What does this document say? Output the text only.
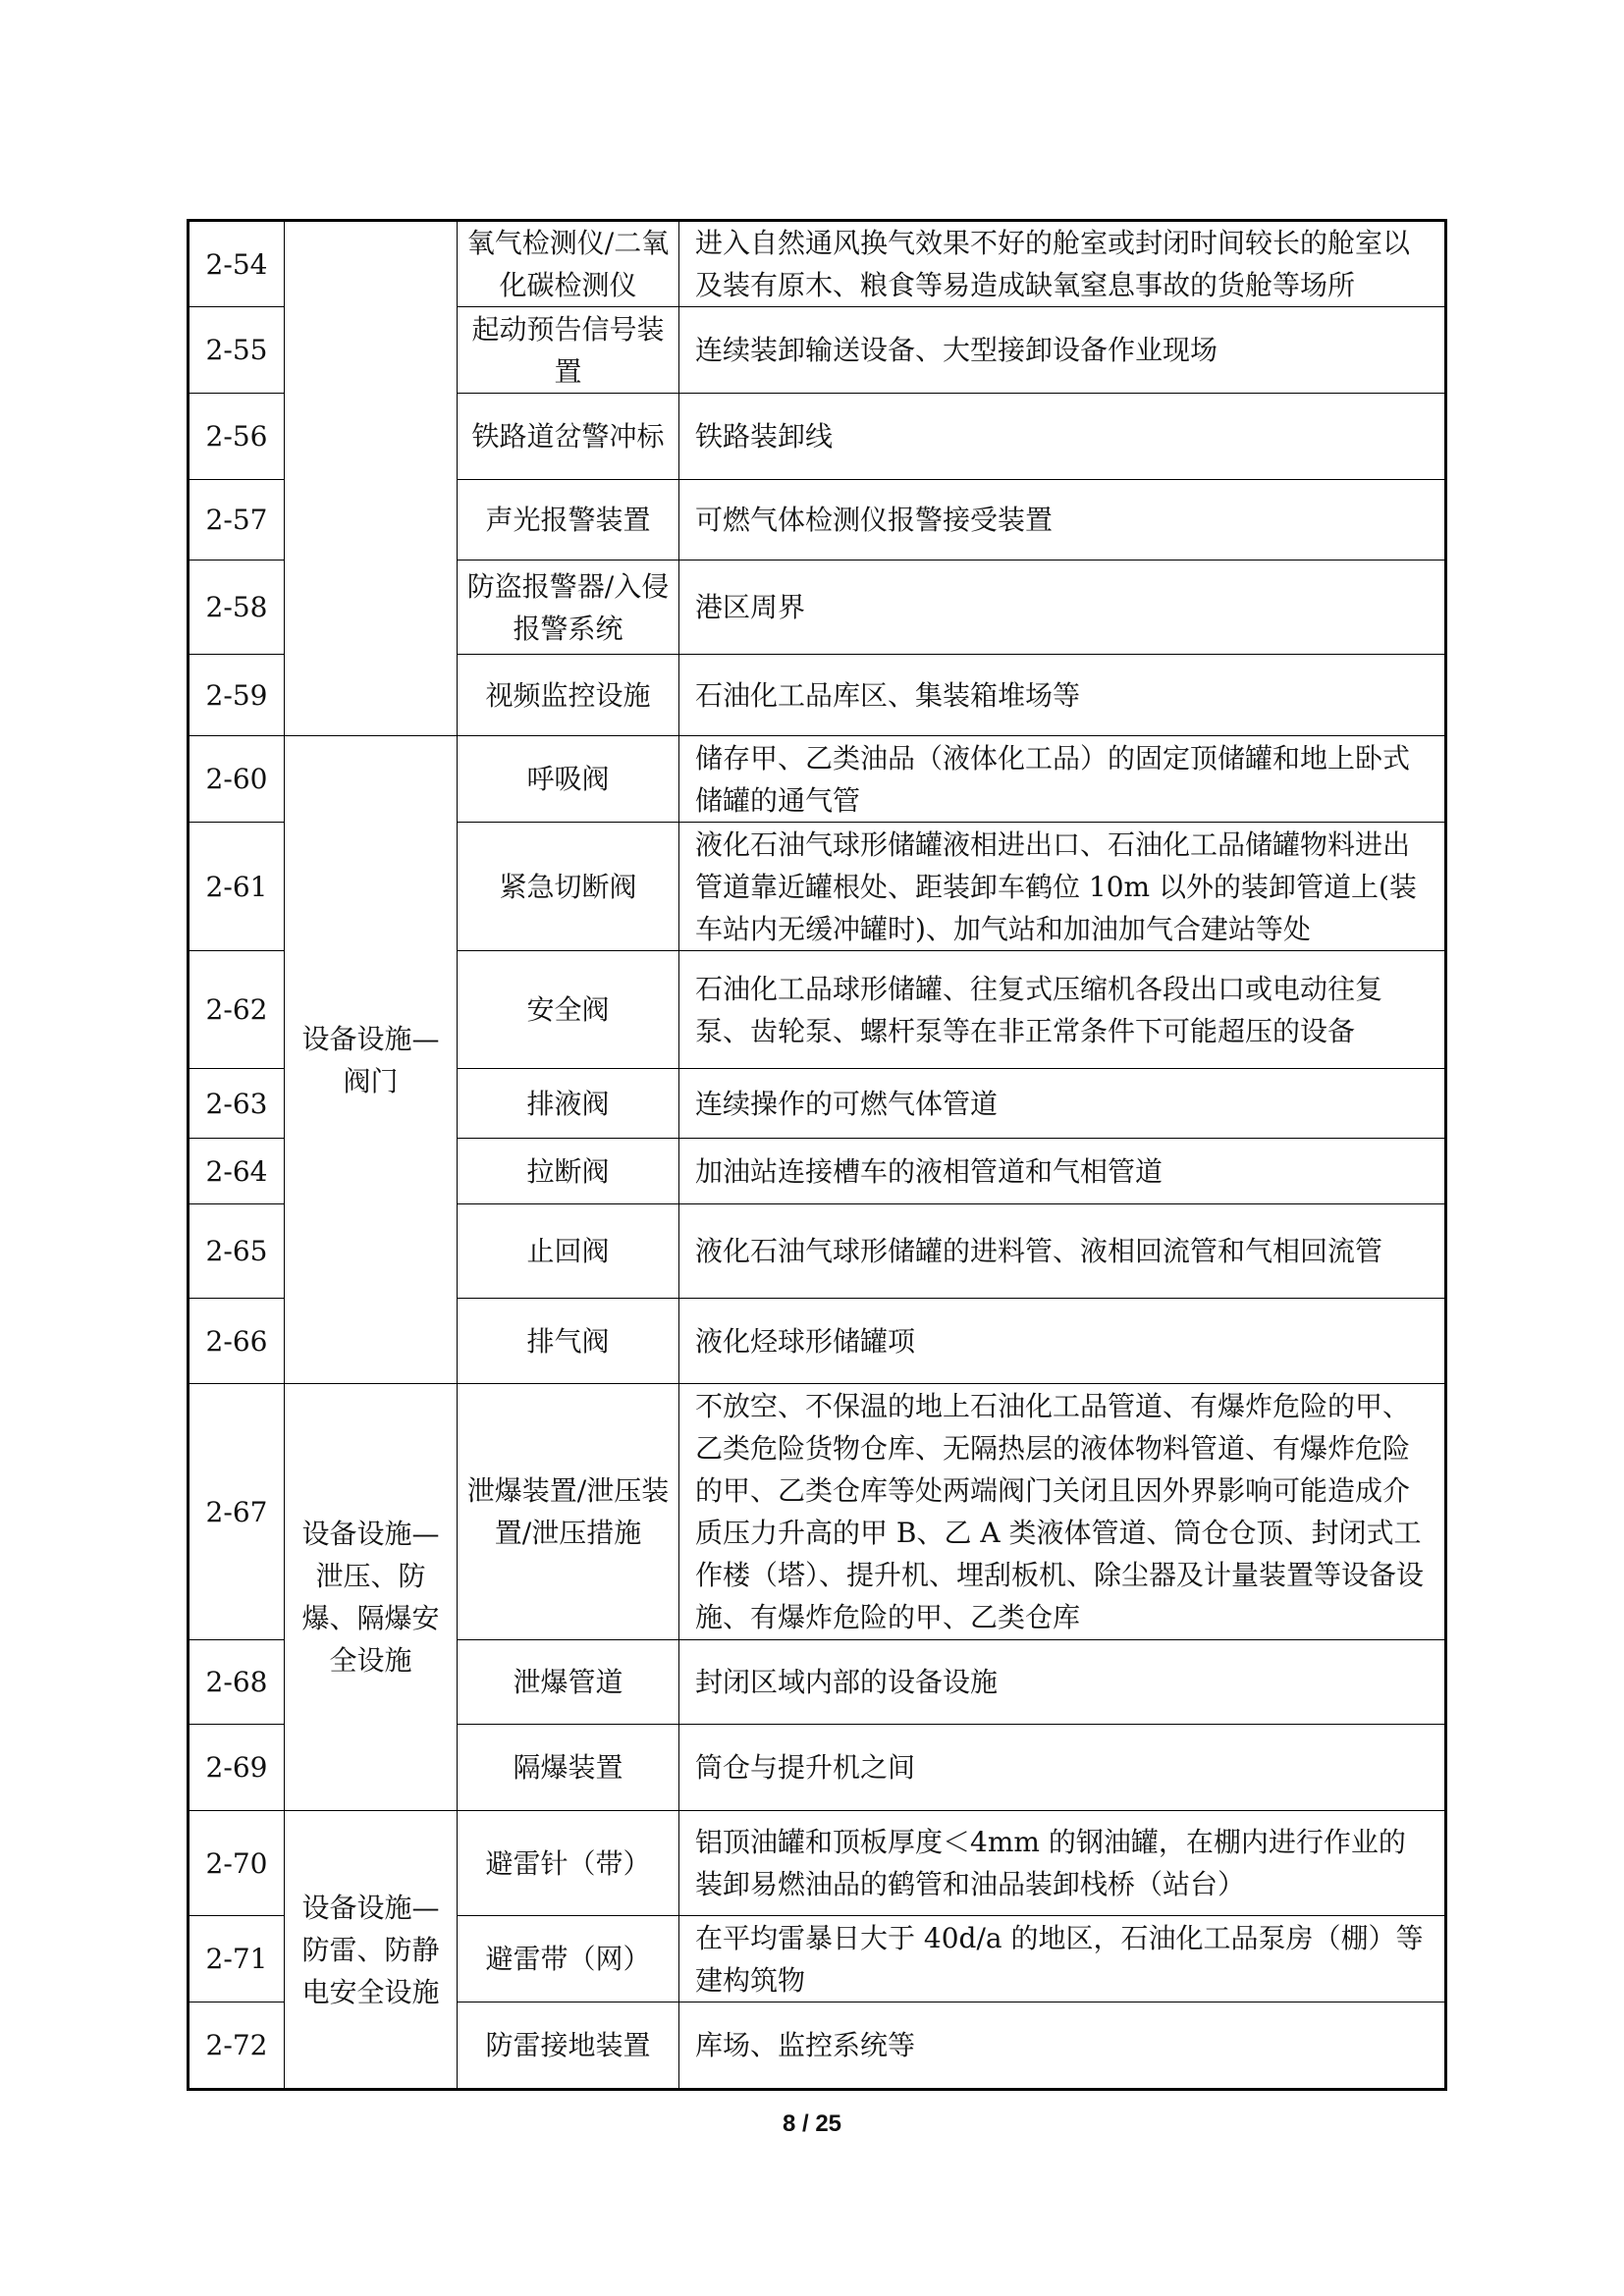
2-54		氧气检测仪/二氧化碳检测仪	进入自然通风换气效果不好的舱室或封闭时间较长的舱室以及装有原木、粮食等易造成缺氧窒息事故的货舱等场所
2-55		起动预告信号装置	连续装卸输送设备、大型接卸设备作业现场
2-56		铁路道岔警冲标	铁路装卸线
2-57		声光报警装置	可燃气体检测仪报警接受装置
2-58		防盗报警器/入侵报警系统	港区周界
2-59		视频监控设施	石油化工品库区、集装箱堆场等
2-60	设备设施—阀门	呼吸阀	储存甲、乙类油品（液体化工品）的固定顶储罐和地上卧式储罐的通气管
2-61		紧急切断阀	液化石油气球形储罐液相进出口、石油化工品储罐物料进出管道靠近罐根处、距装卸车鹤位 10m 以外的装卸管道上(装车站内无缓冲罐时)、加气站和加油加气合建站等处
2-62		安全阀	石油化工品球形储罐、往复式压缩机各段出口或电动往复泵、齿轮泵、螺杆泵等在非正常条件下可能超压的设备
2-63		排液阀	连续操作的可燃气体管道
2-64		拉断阀	加油站连接槽车的液相管道和气相管道
2-65		止回阀	液化石油气球形储罐的进料管、液相回流管和气相回流管
2-66		排气阀	液化烃球形储罐项
2-67	设备设施—泄压、防爆、隔爆安全设施	泄爆装置/泄压装置/泄压措施	不放空、不保温的地上石油化工品管道、有爆炸危险的甲、乙类危险货物仓库、无隔热层的液体物料管道、有爆炸危险的甲、乙类仓库等处两端阀门关闭且因外界影响可能造成介质压力升高的甲 B、乙 A 类液体管道、筒仓仓顶、封闭式工作楼（塔）、提升机、埋刮板机、除尘器及计量装置等设备设施、有爆炸危险的甲、乙类仓库
2-68		泄爆管道	封闭区域内部的设备设施
2-69		隔爆装置	筒仓与提升机之间
2-70	设备设施—防雷、防静电安全设施	避雷针（带）	铝顶油罐和顶板厚度＜4mm 的钢油罐，在棚内进行作业的装卸易燃油品的鹤管和油品装卸栈桥（站台）
2-71		避雷带（网）	在平均雷暴日大于 40d/a 的地区，石油化工品泵房（棚）等建构筑物
2-72		防雷接地装置	库场、监控系统等
8 / 25
